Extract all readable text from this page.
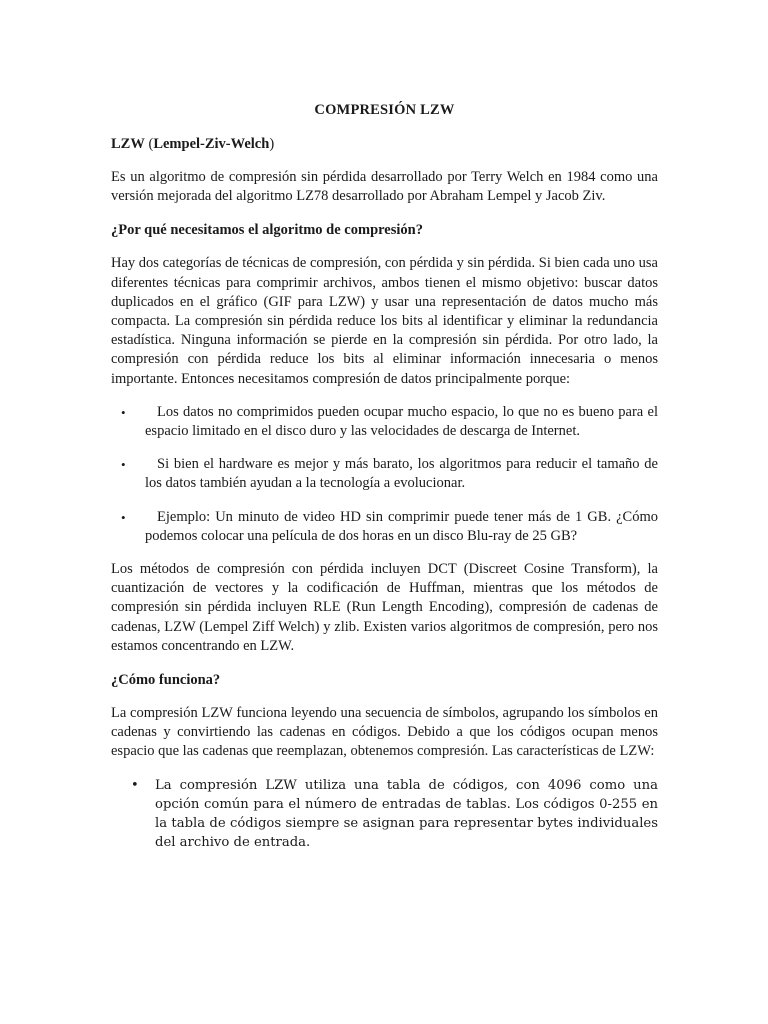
COMPRESIÓN LZW
LZW (Lempel-Ziv-Welch)

Es un algoritmo de compresión sin pérdida desarrollado por Terry Welch en 1984 como una versión mejorada del algoritmo LZ78 desarrollado por Abraham Lempel y Jacob Ziv.

¿Por qué necesitamos el algoritmo de compresión?

Hay dos categorías de técnicas de compresión, con pérdida y sin pérdida. Si bien cada uno usa diferentes técnicas para comprimir archivos, ambos tienen el mismo objetivo: buscar datos duplicados en el gráfico (GIF para LZW) y usar una representación de datos mucho más compacta. La compresión sin pérdida reduce los bits al identificar y eliminar la redundancia estadística. Ninguna información se pierde en la compresión sin pérdida. Por otro lado, la compresión con pérdida reduce los bits al eliminar información innecesaria o menos importante. Entonces necesitamos compresión de datos principalmente porque:

•	Los datos no comprimidos pueden ocupar mucho espacio, lo que no es bueno para el espacio limitado en el disco duro y las velocidades de descarga de Internet.
•	Si bien el hardware es mejor y más barato, los algoritmos para reducir el tamaño de los datos también ayudan a la tecnología a evolucionar.
•	Ejemplo: Un minuto de video HD sin comprimir puede tener más de 1 GB. ¿Cómo podemos colocar una película de dos horas en un disco Blu-ray de 25 GB?

Los métodos de compresión con pérdida incluyen DCT (Discreet Cosine Transform), la cuantización de vectores y la codificación de Huffman, mientras que los métodos de compresión sin pérdida incluyen RLE (Run Length Encoding), compresión de cadenas de cadenas, LZW (Lempel Ziff Welch) y zlib. Existen varios algoritmos de compresión, pero nos estamos concentrando en LZW.

¿Cómo funciona?

La compresión LZW funciona leyendo una secuencia de símbolos, agrupando los símbolos en cadenas y convirtiendo las cadenas en códigos. Debido a que los códigos ocupan menos espacio que las cadenas que reemplazan, obtenemos compresión. Las características de LZW:

• La compresión LZW utiliza una tabla de códigos, con 4096 como una opción común para el número de entradas de tablas. Los códigos 0-255 en la tabla de códigos siempre se asignan para representar bytes individuales del archivo de entrada.
